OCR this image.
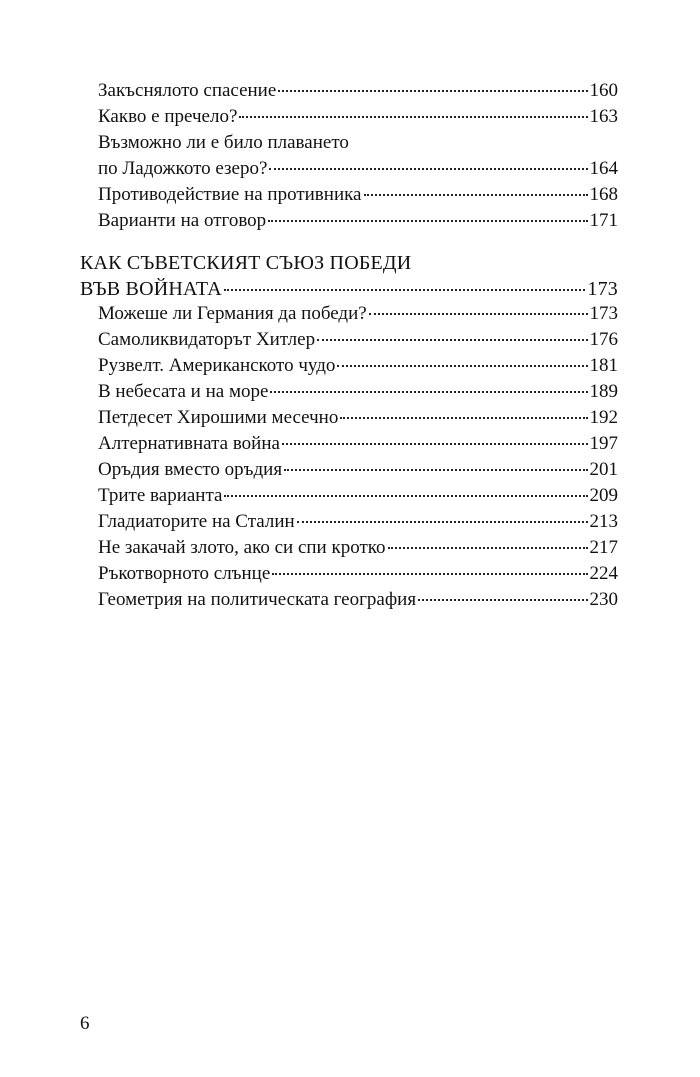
Закъснялото спасение	160
Какво е пречело?	163
Възможно ли е било плаването
по Ладожкото езеро?	164
Противодействие на противника	168
Варианти на отговор	171
КАК СЪВЕТСКИЯТ СЪЮЗ ПОБЕДИ
ВЪВ ВОЙНАТА	173
Можеше ли Германия да победи?	173
Самоликвидаторът Хитлер	176
Рузвелт. Американското чудо	181
В небесата и на море	189
Петдесет Хирошими месечно	192
Алтернативната война	197
Оръдия вместо оръдия	201
Трите варианта	209
Гладиаторите на Сталин	213
Не закачай злото, ако си спи кротко	217
Ръкотворното слънце	224
Геометрия на политическата география	230
6
